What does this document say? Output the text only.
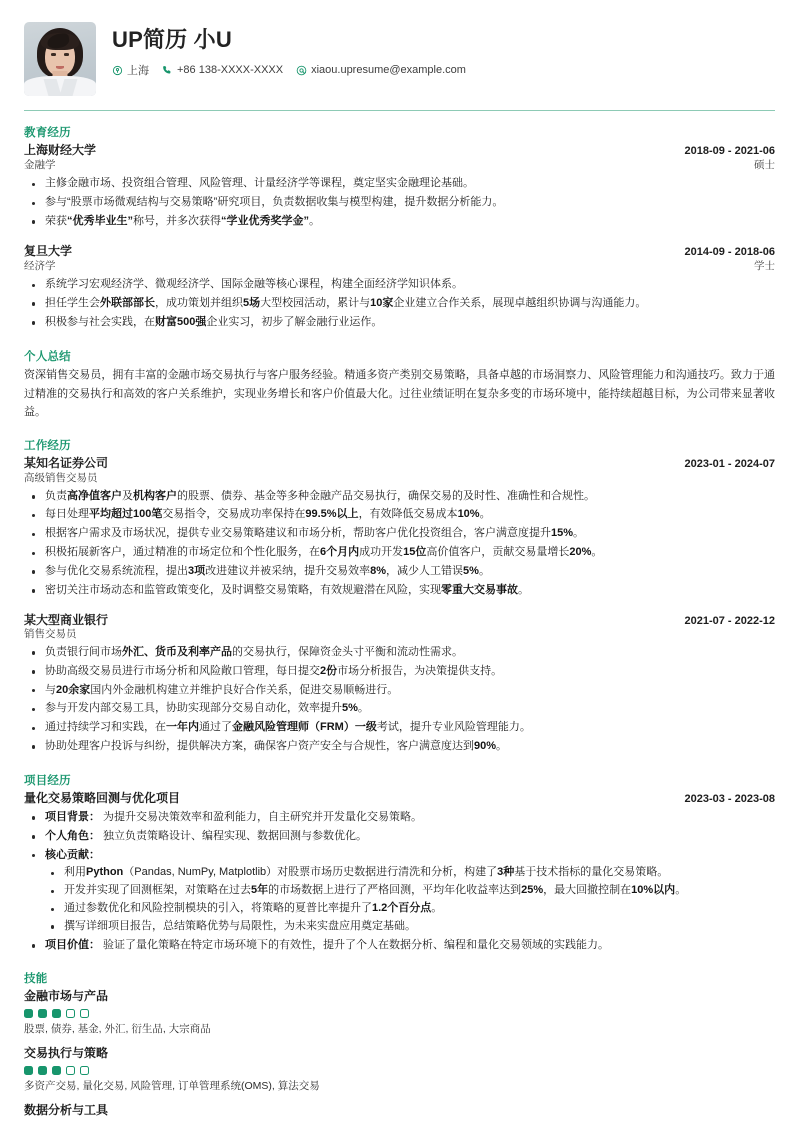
UP简历 小U
上海	+86 138-XXXX-XXXX	xiaou.upresume@example.com
教育经历
上海财经大学	2018-09 - 2021-06
金融学	硕士
主修金融市场、投资组合管理、风险管理、计量经济学等课程，奠定坚实金融理论基础。
参与“股票市场微观结构与交易策略”研究项目，负责数据收集与模型构建，提升数据分析能力。
荣获“优秀毕业生”称号，并多次获得“学业优秀奖学金”。
复旦大学	2014-09 - 2018-06
经济学	学士
系统学习宏观经济学、微观经济学、国际金融等核心课程，构建全面经济学知识体系。
担任学生会外联部部长，成功策划并组织5场大型校园活动，累计与10家企业建立合作关系，展现卓越组织协调与沟通能力。
积极参与社会实践，在财富500强企业实习，初步了解金融行业运作。
个人总结

资深销售交易员，拥有丰富的金融市场交易执行与客户服务经验。精通多资产类别交易策略，具备卓越的市场洞察力、风险管理能力和沟通技巧。致力于通过精准的交易执行和高效的客户关系维护，实现业务增长和客户价值最大化。过往业绩证明在复杂多变的市场环境中，能持续超越目标，为公司带来显著收益。

工作经历
某知名证券公司	2023-01 - 2024-07
高级销售交易员
负责高净值客户及机构客户的股票、债券、基金等多种金融产品交易执行，确保交易的及时性、准确性和合规性。
每日处理平均超过100笔交易指令，交易成功率保持在99.5%以上，有效降低交易成本10%。
根据客户需求及市场状况，提供专业交易策略建议和市场分析，帮助客户优化投资组合，客户满意度提升15%。
积极拓展新客户，通过精准的市场定位和个性化服务，在6个月内成功开发15位高价值客户，贡献交易量增长20%。
参与优化交易系统流程，提出3项改进建议并被采纳，提升交易效率8%，减少人工错误5%。
密切关注市场动态和监管政策变化，及时调整交易策略，有效规避潜在风险，实现零重大交易事故。
某大型商业银行	2021-07 - 2022-12
销售交易员
负责银行间市场外汇、货币及利率产品的交易执行，保障资金头寸平衡和流动性需求。
协助高级交易员进行市场分析和风险敞口管理，每日提交2份市场分析报告，为决策提供支持。
与20余家国内外金融机构建立并维护良好合作关系，促进交易顺畅进行。
参与开发内部交易工具，协助实现部分交易自动化，效率提升5%。
通过持续学习和实践，在一年内通过了金融风险管理师（FRM）一级考试，提升专业风险管理能力。
协助处理客户投诉与纠纷，提供解决方案，确保客户资产安全与合规性，客户满意度达到90%。
项目经历
量化交易策略回测与优化项目	2023-03 - 2023-08
项目背景： 为提升交易决策效率和盈利能力，自主研究并开发量化交易策略。
个人角色： 独立负责策略设计、编程实现、数据回测与参数优化。
核心贡献：
利用Python（Pandas, NumPy, Matplotlib）对股票市场历史数据进行清洗和分析，构建了3种基于技术指标的量化交易策略。
开发并实现了回测框架，对策略在过去5年的市场数据上进行了严格回测，平均年化收益率达到25%，最大回撤控制在10%以内。
通过参数优化和风险控制模块的引入，将策略的夏普比率提升了1.2个百分点。
撰写详细项目报告，总结策略优势与局限性，为未来实盘应用奠定基础。
项目价值： 验证了量化策略在特定市场环境下的有效性，提升了个人在数据分析、编程和量化交易领域的实践能力。
技能
金融市场与产品
股票, 债券, 基金, 外汇, 衍生品, 大宗商品
交易执行与策略
多资产交易, 量化交易, 风险管理, 订单管理系统(OMS), 算法交易
数据分析与工具
